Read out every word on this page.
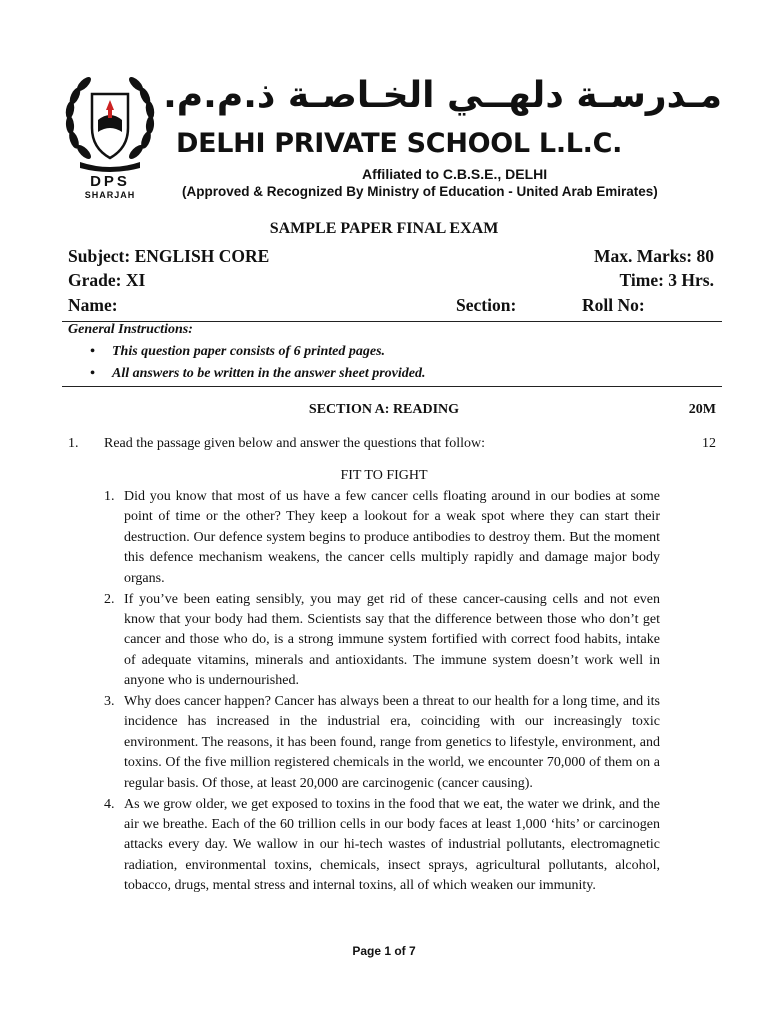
DPS
SHARJAH
مـدرسـة دلهــي الخـاصـة ذ.م.م.
DELHI PRIVATE SCHOOL L.L.C.
Affiliated to C.B.S.E., DELHI
(Approved & Recognized By Ministry of Education - United Arab Emirates)
SAMPLE PAPER FINAL EXAM
Subject: ENGLISH CORE	Max. Marks: 80
Grade: XI	Time: 3 Hrs.
Name:	Section:	Roll No:
General Instructions:
• This question paper consists of 6 printed pages.
• All answers to be written in the answer sheet provided.
SECTION A: READING	20M
1. Read the passage given below and answer the questions that follow:	12
FIT TO FIGHT
1. Did you know that most of us have a few cancer cells floating around in our bodies at some point of time or the other? They keep a lookout for a weak spot where they can start their destruction. Our defence system begins to produce antibodies to destroy them. But the moment this defence mechanism weakens, the cancer cells multiply rapidly and damage major body organs.
2. If you’ve been eating sensibly, you may get rid of these cancer-causing cells and not even know that your body had them. Scientists say that the difference between those who don’t get cancer and those who do, is a strong immune system fortified with correct food habits, intake of adequate vitamins, minerals and antioxidants. The immune system doesn’t work well in anyone who is undernourished.
3. Why does cancer happen? Cancer has always been a threat to our health for a long time, and its incidence has increased in the industrial era, coinciding with our increasingly toxic environment. The reasons, it has been found, range from genetics to lifestyle, environment, and toxins. Of the five million registered chemicals in the world, we encounter 70,000 of them on a regular basis. Of those, at least 20,000 are carcinogenic (cancer causing).
4. As we grow older, we get exposed to toxins in the food that we eat, the water we drink, and the air we breathe. Each of the 60 trillion cells in our body faces at least 1,000 ‘hits’ or carcinogen attacks every day. We wallow in our hi-tech wastes of industrial pollutants, electromagnetic radiation, environmental toxins, chemicals, insect sprays, agricultural pollutants, alcohol, tobacco, drugs, mental stress and internal toxins, all of which weaken our immunity.
Page 1 of 7
